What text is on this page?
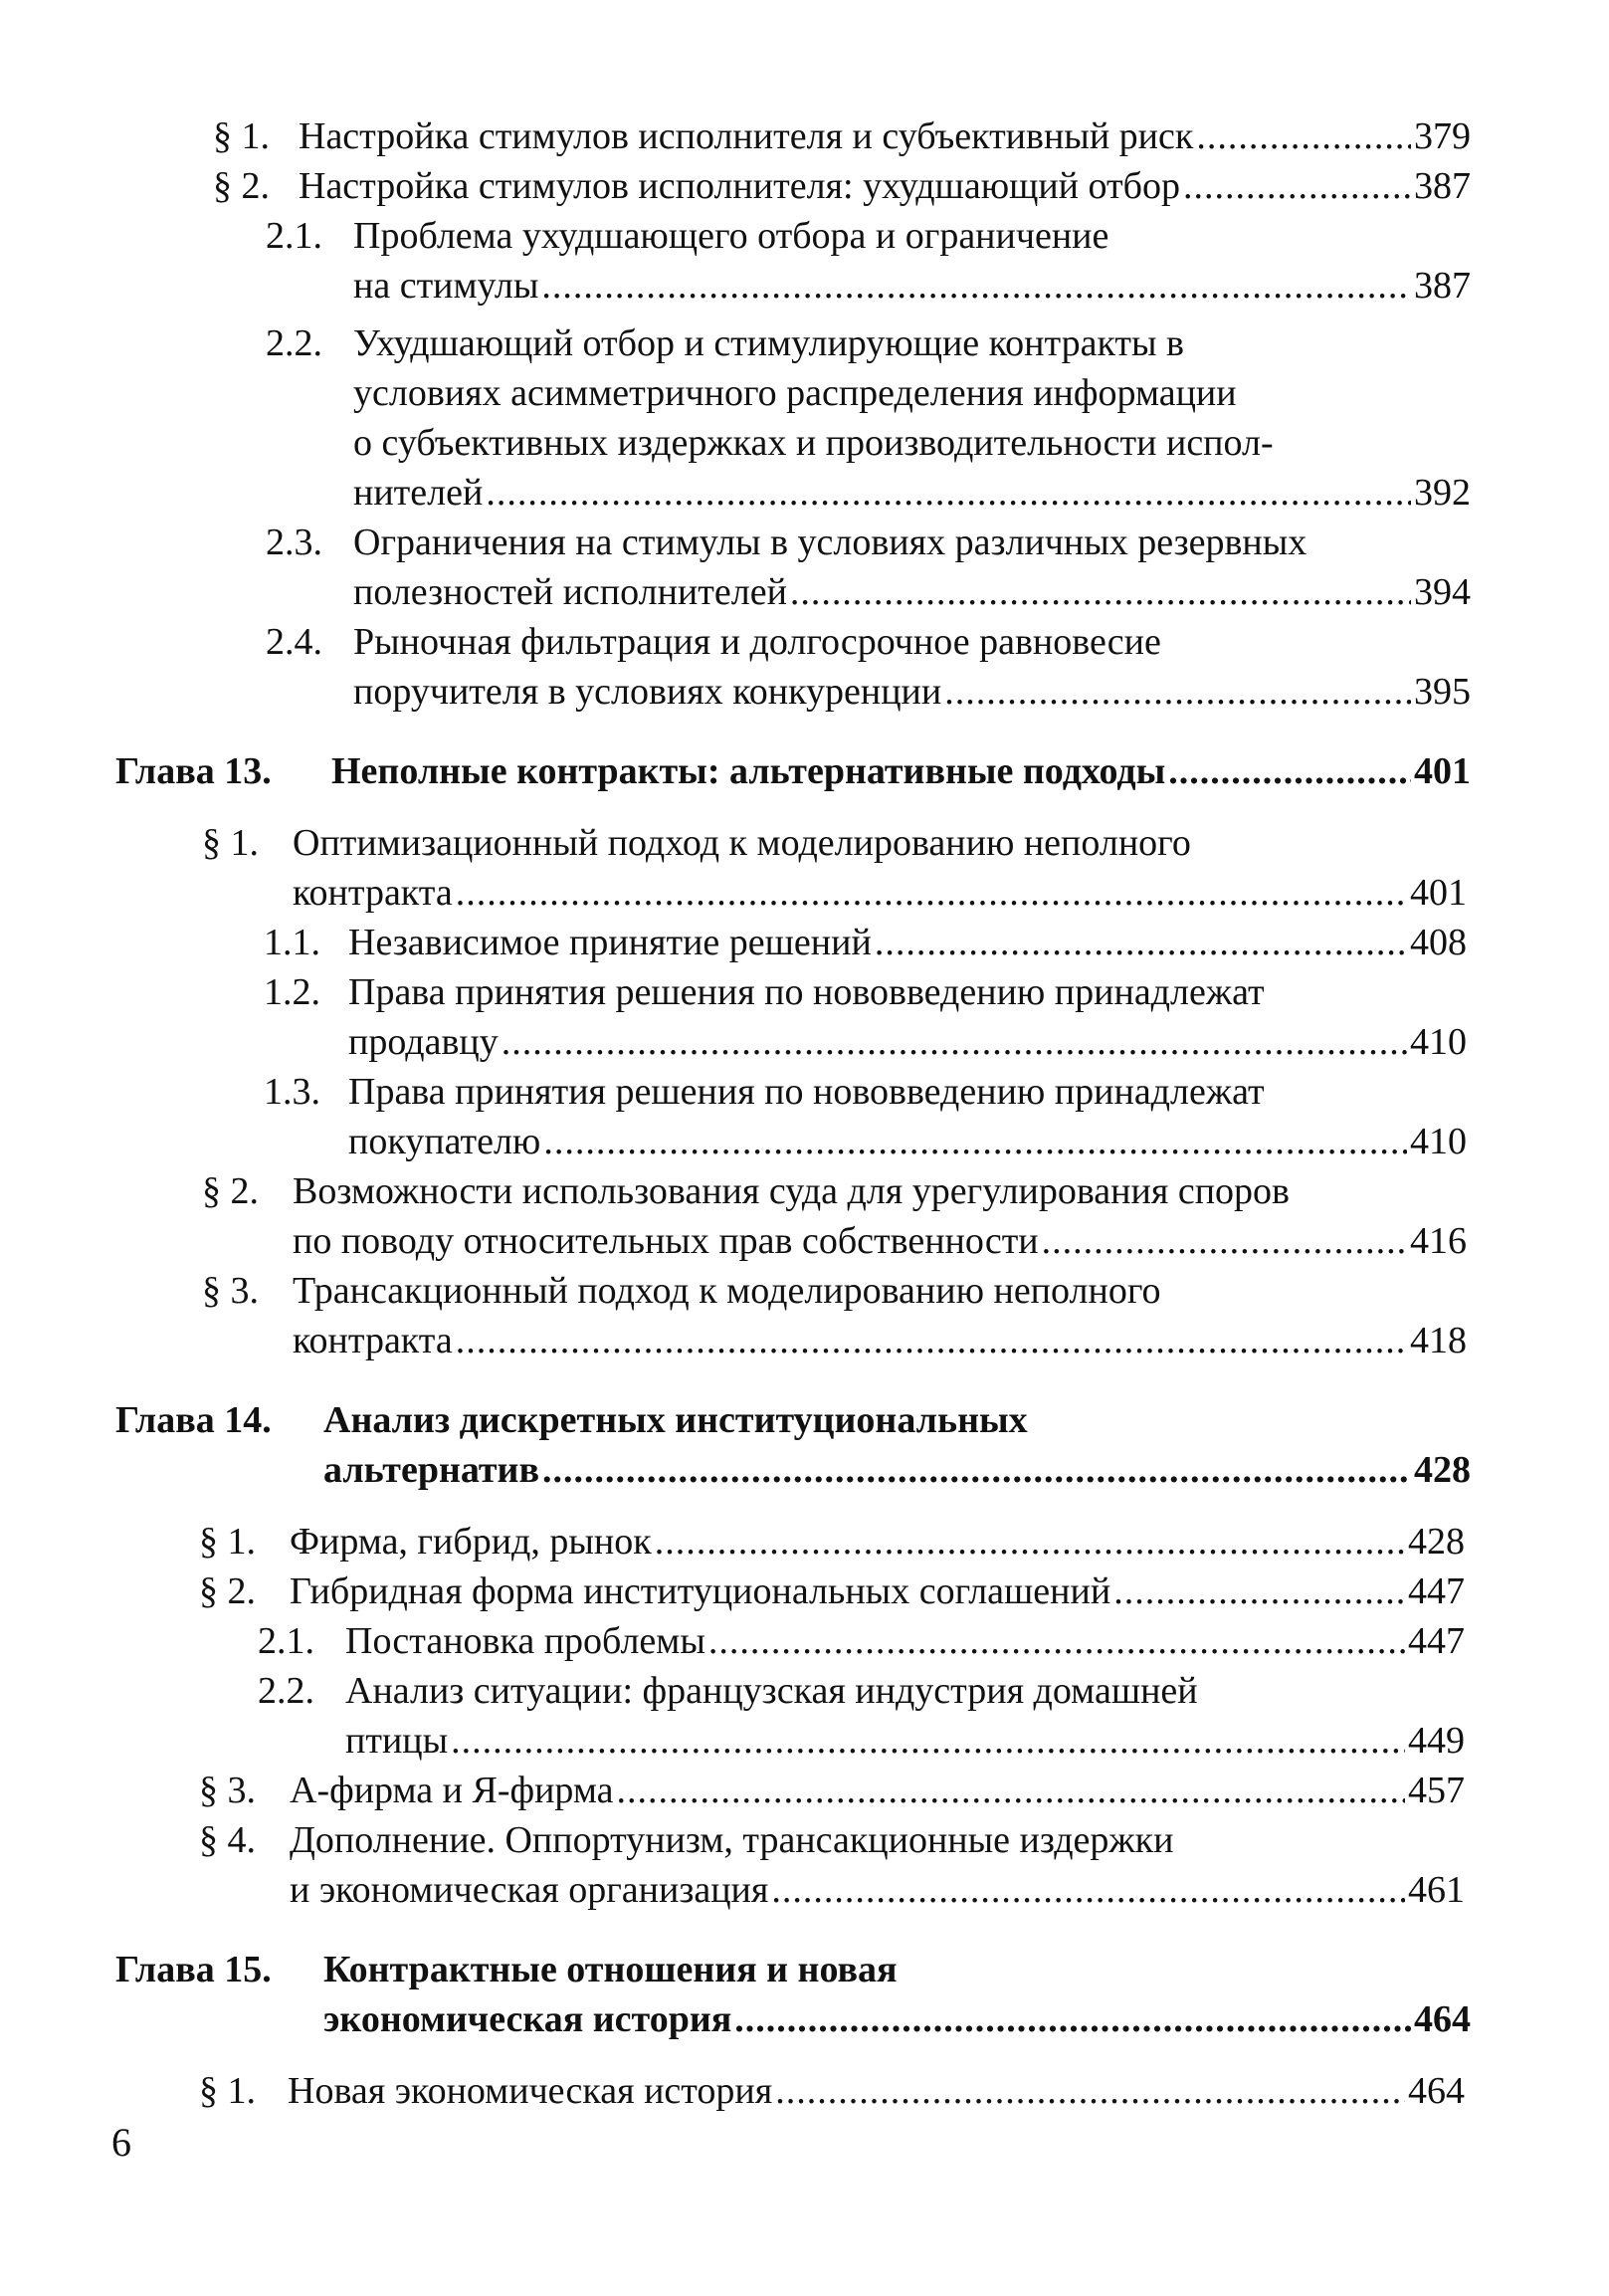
§ 1. Настройка стимулов исполнителя и субъективный риск .....	379
§ 2. Настройка стимулов исполнителя: ухудшающий отбор .....	387
2.1. Проблема ухудшающего отбора и ограничение
на стимулы .....	387
2.2. Ухудшающий отбор и стимулирующие контракты в
условиях асимметричного распределения информации
о субъективных издержках и производительности испол-
нителей .....	392
2.3. Ограничения на стимулы в условиях различных резервных
полезностей исполнителей .....	394
2.4. Рыночная фильтрация и долгосрочное равновесие
поручителя в условиях конкуренции .....	395
Глава 13. Неполные контракты: альтернативные подходы .....	401
§ 1. Оптимизационный подход к моделированию неполного
контракта .....	401
1.1. Независимое принятие решений .....	408
1.2. Права принятия решения по нововведению принадлежат
продавцу .....	410
1.3. Права принятия решения по нововведению принадлежат
покупателю .....	410
§ 2. Возможности использования суда для урегулирования споров
по поводу относительных прав собственности .....	416
§ 3. Трансакционный подход к моделированию неполного
контракта .....	418
Глава 14. Анализ дискретных институциональных
альтернатив .....	428
§ 1. Фирма, гибрид, рынок .....	428
§ 2. Гибридная форма институциональных соглашений .....	447
2.1. Постановка проблемы .....	447
2.2. Анализ ситуации: французская индустрия домашней
птицы .....	449
§ 3. А-фирма и Я-фирма .....	457
§ 4. Дополнение. Оппортунизм, трансакционные издержки
и экономическая организация .....	461
Глава 15. Контрактные отношения и новая
экономическая история .....	464
§ 1. Новая экономическая история .....	464
6
